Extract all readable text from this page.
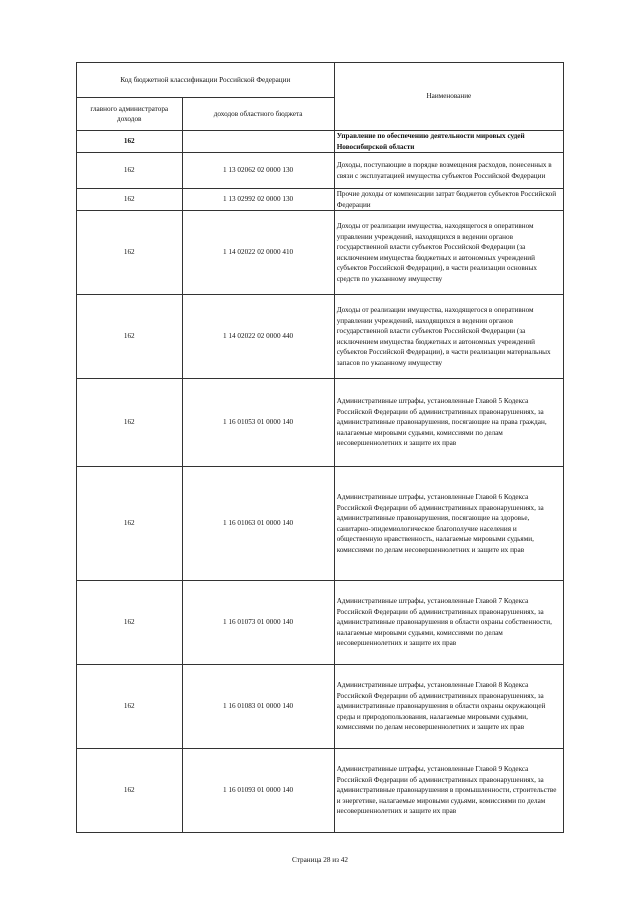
Код бюджетной классификации Российской Федерации		Наименование
главного администратора доходов	доходов областного бюджета	
162		Управление по обеспечению деятельности мировых судей Новосибирской области
162	1 13 02062 02 0000 130	Доходы, поступающие в порядке возмещения расходов, понесенных в связи с эксплуатацией имущества субъектов Российской Федерации
162	1 13 02992 02 0000 130	Прочие доходы от компенсации затрат бюджетов субъектов Российской Федерации
162	1 14 02022 02 0000 410	Доходы от реализации имущества, находящегося в оперативном управлении учреждений, находящихся в ведении органов государственной власти субъектов Российской Федерации (за исключением имущества бюджетных и автономных учреждений субъектов Российской Федерации), в части реализации основных средств по указанному имуществу
162	1 14 02022 02 0000 440	Доходы от реализации имущества, находящегося в оперативном управлении учреждений, находящихся в ведении органов государственной власти субъектов Российской Федерации (за исключением имущества бюджетных и автономных учреждений субъектов Российской Федерации), в части реализации материальных запасов по указанному имуществу
162	1 16 01053 01 0000 140	Административные штрафы, установленные Главой 5 Кодекса Российской Федерации об административных правонарушениях, за административные правонарушения, посягающие на права граждан, налагаемые мировыми судьями, комиссиями по делам несовершеннолетних и защите их прав
162	1 16 01063 01 0000 140	Административные штрафы, установленные Главой 6 Кодекса Российской Федерации об административных правонарушениях, за административные правонарушения, посягающие на здоровье, санитарно-эпидемиологическое благополучие населения и общественную нравственность, налагаемые мировыми судьями, комиссиями по делам несовершеннолетних и защите их прав
162	1 16 01073 01 0000 140	Административные штрафы, установленные Главой 7 Кодекса Российской Федерации об административных правонарушениях, за административные правонарушения в области охраны собственности, налагаемые мировыми судьями, комиссиями по делам несовершеннолетних и защите их прав
162	1 16 01083 01 0000 140	Административные штрафы, установленные Главой 8 Кодекса Российской Федерации об административных правонарушениях, за административные правонарушения в области охраны окружающей среды и природопользования, налагаемые мировыми судьями, комиссиями по делам несовершеннолетних и защите их прав
162	1 16 01093 01 0000 140	Административные штрафы, установленные Главой 9 Кодекса Российской Федерации об административных правонарушениях, за административные правонарушения в промышленности, строительстве и энергетике, налагаемые мировыми судьями, комиссиями по делам несовершеннолетних и защите их прав
Страница 28 из 42
